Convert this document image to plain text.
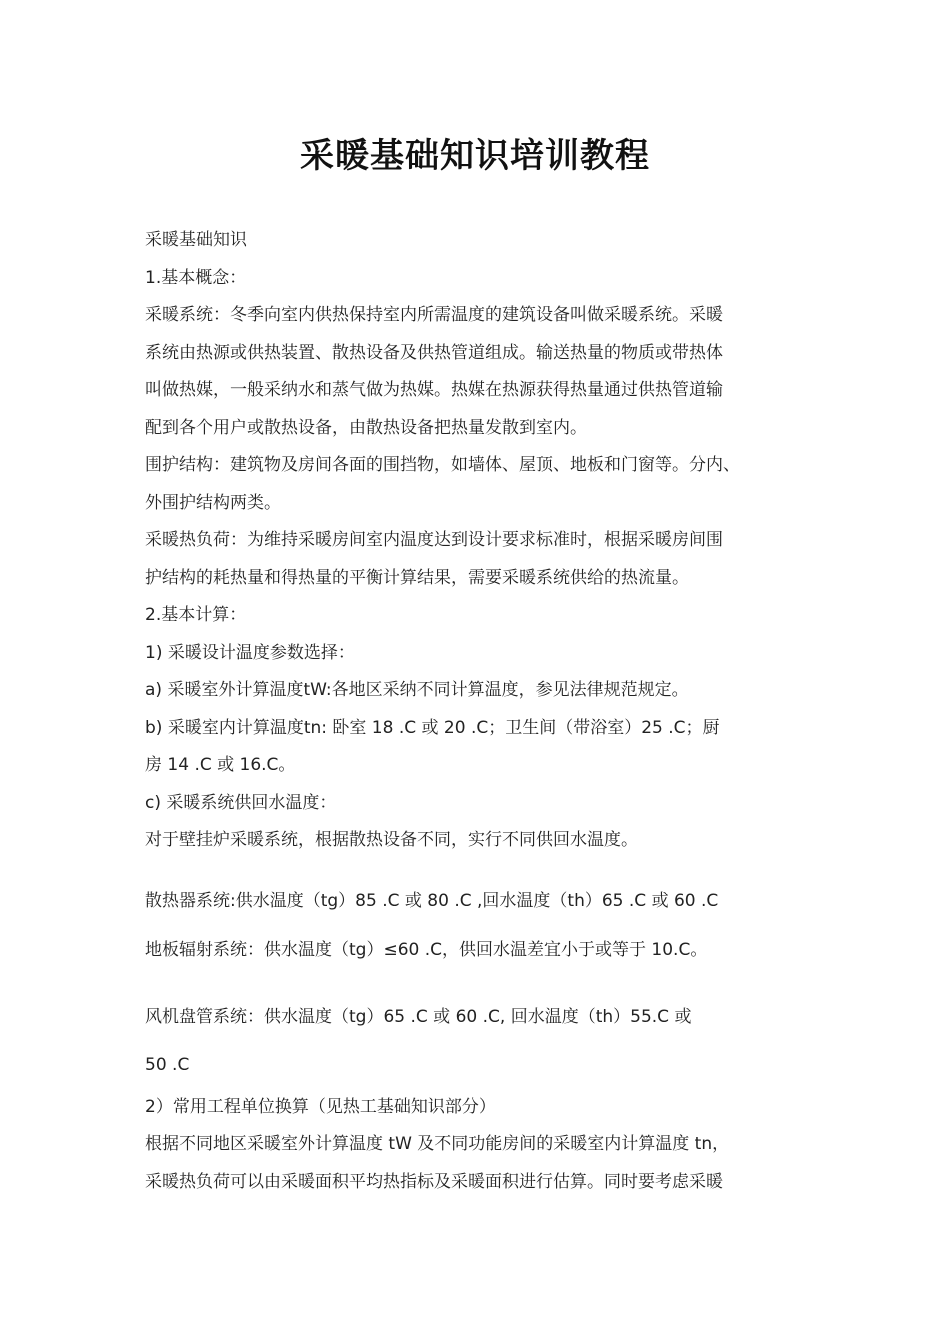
采暖基础知识培训教程
采暖基础知识
1.基本概念：
采暖系统：冬季向室内供热保持室内所需温度的建筑设备叫做采暖系统。采暖
系统由热源或供热装置、散热设备及供热管道组成。输送热量的物质或带热体
叫做热媒，一般采纳水和蒸气做为热媒。热媒在热源获得热量通过供热管道输
配到各个用户或散热设备，由散热设备把热量发散到室内。
围护结构：建筑物及房间各面的围挡物，如墙体、屋顶、地板和门窗等。分内、
外围护结构两类。
采暖热负荷：为维持采暖房间室内温度达到设计要求标准时，根据采暖房间围
护结构的耗热量和得热量的平衡计算结果，需要采暖系统供给的热流量。
2.基本计算：
1) 采暖设计温度参数选择：
a) 采暖室外计算温度tW:各地区采纳不同计算温度，参见法律规范规定。
b) 采暖室内计算温度tn: 卧室 18 .C 或 20 .C；卫生间（带浴室）25 .C；厨
房 14 .C 或 16.C。
c) 采暖系统供回水温度：
对于壁挂炉采暖系统，根据散热设备不同，实行不同供回水温度。
散热器系统:供水温度（tg）85 .C 或 80 .C ,回水温度（th）65 .C 或 60 .C
地板辐射系统：供水温度（tg）≤60 .C，供回水温差宜小于或等于 10.C。
风机盘管系统：供水温度（tg）65 .C 或 60 .C, 回水温度（th）55.C 或
50 .C
2）常用工程单位换算（见热工基础知识部分）
根据不同地区采暖室外计算温度 tW 及不同功能房间的采暖室内计算温度 tn，
采暖热负荷可以由采暖面积平均热指标及采暖面积进行估算。同时要考虑采暖
